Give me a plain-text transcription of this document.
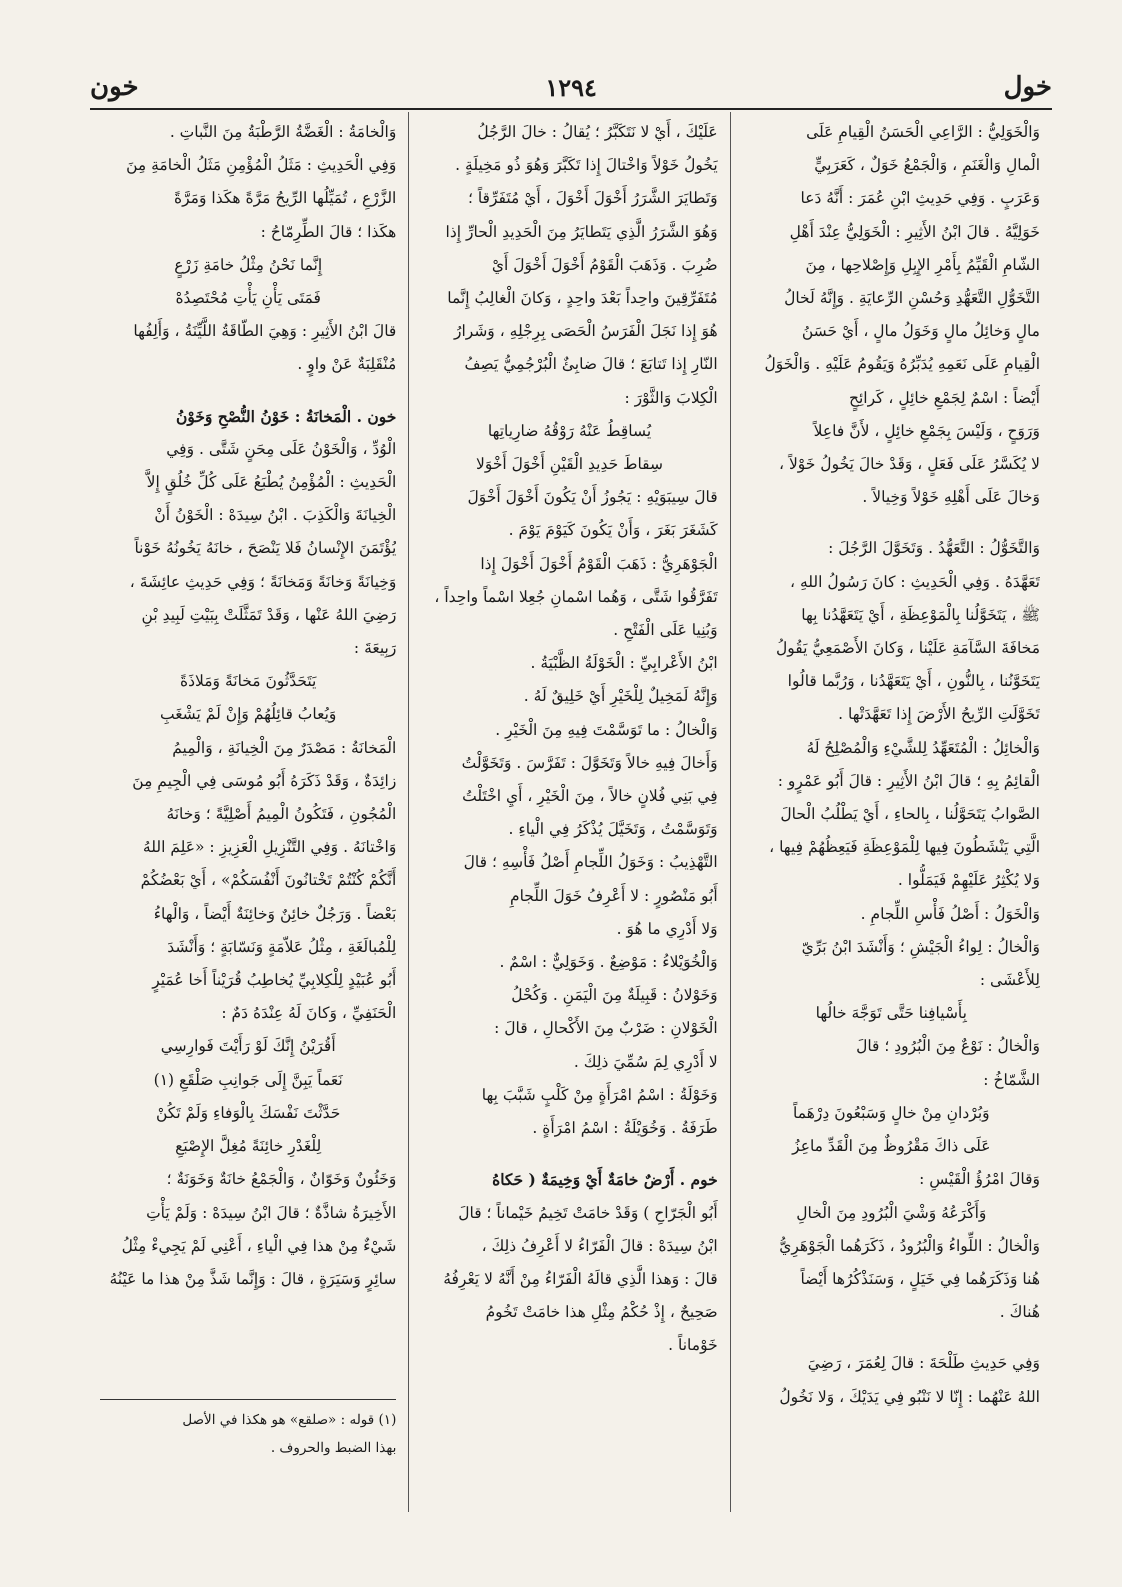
خول
١٢٩٤
خون
وَالْخَوَلِيُّ : الرَّاعِي الْحَسَنُ الْقِيامِ عَلَى
الْمالِ وَالْغَنَمِ ، وَالْجَمْعُ خَوَلٌ ، كَعَرَبِيٍّ
وَعَرَبٍ . وَفِي حَدِيثِ ابْنِ عُمَرَ : أَنَّهُ دَعا
خَوَلِيَّهُ . قالَ ابْنُ الأَثِيرِ : الْخَوَلِيُّ عِنْدَ أَهْلِ
الشّامِ الْقَيِّمُ بِأَمْرِ الإِبِلِ وَإِصْلاحِها ، مِنَ
التَّخَوُّلِ التَّعَهُّدِ وَحُسْنِ الرِّعايَةِ . وَإِنَّهُ لَخالُ
مالٍ وَخائِلُ مالٍ وَخَوَلُ مالٍ ، أَيْ حَسَنُ
الْقِيامِ عَلَى نَعَمِهِ يُدَبِّرُهُ وَيَقُومُ عَلَيْهِ . وَالْخَوَلُ
أَيْضاً : اسْمٌ لِجَمْعِ خائِلٍ ، كَرائِحٍ
وَرَوَحٍ ، وَلَيْسَ بِجَمْعِ خائِلٍ ، لأَنَّ فاعِلاً
لا يُكَسَّرُ عَلَى فَعَلٍ ، وَقَدْ خالَ يَخُولُ خَوْلاً ،
وَخالَ عَلَى أَهْلِهِ خَوْلاً وَخِيالاً .
وَالتَّخَوُّلُ : التَّعَهُّدُ . وَتَخَوَّلَ الرَّجُلَ :
تَعَهَّدَهُ . وَفِي الْحَدِيثِ : كانَ رَسُولُ اللهِ ،
ﷺ ، يَتَخَوَّلُنا بِالْمَوْعِظَةِ ، أَيْ يَتَعَهَّدُنا بِها
مَخافَةَ السَّآمَةِ عَلَيْنا ، وَكانَ الأَصْمَعِيُّ يَقُولُ
يَتَخَوَّنُنا ، بِالنُّونِ ، أَيْ يَتَعَهَّدُنا ، وَرُبَّما قالُوا
تَخَوَّلَتِ الرِّيحُ الأَرْضَ إِذا تَعَهَّدَتْها .
وَالْخائِلُ : الْمُتَعَهِّدُ لِلشَّيْءِ وَالْمُصْلِحُ لَهُ
الْقائِمُ بِهِ ؛ قالَ ابْنُ الأَثِيرِ : قالَ أَبُو عَمْرٍو :
الصَّوابُ يَتَحَوَّلُنا ، بِالحاءِ ، أَيْ يَطْلُبُ الْحالَ
الَّتِي يَنْشَطُونَ فِيها لِلْمَوْعِظَةِ فَيَعِظُهُمْ فِيها ،
وَلا يُكْثِرُ عَلَيْهِمْ فَيَمَلُّوا .
وَالْخَوَلُ : أَصْلُ فَأْسِ اللِّجامِ .
وَالْخالُ : لِواءُ الْجَيْشِ ؛ وَأَنْشَدَ ابْنُ بَرِّيّ
لِلأَعْشَى :
بِأَسْيافِنا حَتَّى تَوَجَّهَ خالُها
وَالْخالُ : نَوْعٌ مِنَ الْبُرُودِ ؛ قالَ
الشَّمّاخُ :
وَبُرْدانِ مِنْ خالٍ وَسَبْعُونَ دِرْهَماً
عَلَى ذاكَ مَقْرُوظٌ مِنَ الْقَدِّ ماعِزُ
وَقالَ امْرُؤُ الْقَيْسِ :
وَأَكْرَعُهُ وَشْيَ الْبُرُودِ مِنَ الْخالِ
وَالْخالُ : اللِّواءُ وَالْبُرُودُ ، ذَكَرَهُما الْجَوْهَرِيُّ
هُنا وَذَكَرَهُما فِي خَيَلٍ ، وَسَنَذْكُرُها أَيْضاً
هُناكَ .
وَفِي حَدِيثِ طَلْحَةَ : قالَ لِعُمَرَ ، رَضِيَ
اللهُ عَنْهُما : إِنّا لا نَنْبُو فِي يَدَيْكَ ، وَلا نَخُولُ
عَلَيْكَ ، أَيْ لا نَتَكَبَّرُ ؛ يُقالُ : خالَ الرَّجُلُ
يَخُولُ خَوْلاً وَاخْتالَ إِذا تَكَبَّرَ وَهُوَ ذُو مَخِيلَةٍ .
وَتَطايَرَ الشَّرَرُ أَخْوَلَ أَخْوَلَ ، أَيْ مُتَفَرِّقاً ؛
وَهُوَ الشَّرَرُ الَّذِي يَتَطايَرُ مِنَ الْحَدِيدِ الْحارِّ إِذا
ضُرِبَ . وَذَهَبَ الْقَوْمُ أَخْوَلَ أَخْوَلَ أَيْ
مُتَفَرِّقِينَ واحِداً بَعْدَ واحِدٍ ، وَكانَ الْغالِبُ إِنَّما
هُوَ إِذا نَجَلَ الْفَرَسُ الْحَصَى بِرِجْلِهِ ، وَشَرارُ
النّارِ إِذا تَتابَعَ ؛ قالَ ضابِئٌ الْبُرْجُمِيُّ يَصِفُ
الْكِلابَ وَالثَّوْرَ :
يُساقِطُ عَنْهُ رَوْقُهُ ضارِياتِها
سِقاطَ حَدِيدِ الْقَيْنِ أَخْوَلَ أَخْوَلا
قالَ سِيبَوَيْهِ : يَجُوزُ أَنْ يَكُونَ أَخْوَلَ أَخْوَلَ
كَشَغَرَ بَغَرَ ، وَأَنْ يَكُونَ كَيَوْمَ يَوْمَ .
الْجَوْهَرِيُّ : ذَهَبَ الْقَوْمُ أَخْوَلَ أَخْوَلَ إِذا
تَفَرَّقُوا شَتَّى ، وَهُما اسْمانِ جُعِلا اسْماً واحِداً ،
وَبُنِيا عَلَى الْفَتْحِ .
ابْنُ الأَعْرابِيِّ : الْخَوْلَةُ الظَّبْيَةُ .
وَإِنَّهُ لَمَخِيلٌ لِلْخَيْرِ أَيْ خَلِيقٌ لَهُ .
وَالْخالُ : ما تَوَسَّمْتَ فِيهِ مِنَ الْخَيْرِ .
وَأَخالَ فِيهِ خالاً وَتَخَوَّلَ : تَفَرَّسَ . وَتَخَوَّلْتُ
فِي بَنِي فُلانٍ خالاً ، مِنَ الْخَيْرِ ، أَيِ اخْتَلْتُ
وَتَوَسَّمْتُ ، وَتَخَيَّلَ يُذْكَرُ فِي الْياءِ .
التَّهْذِيبُ : وَخَوَلُ اللِّجامِ أَصْلُ فَأْسِهِ ؛ قالَ
أَبُو مَنْصُورٍ : لا أَعْرِفُ خَوَلَ اللِّجامِ
وَلا أَدْرِي ما هُوَ .
وَالْخُوَيْلاءُ : مَوْضِعٌ . وَخَوَلِيٌّ : اسْمٌ .
وَخَوْلانُ : قَبِيلَةٌ مِنَ الْيَمَنِ . وَكُحْلُ
الْخَوْلانِ : ضَرْبٌ مِنَ الأَكْحالِ ، قالَ :
لا أَدْرِي لِمَ سُمِّيَ ذلِكَ .
وَخَوْلَةُ : اسْمُ امْرَأَةٍ مِنْ كَلْبٍ شَبَّبَ بِها
طَرَفَةُ . وَخُوَيْلَةُ : اسْمُ امْرَأَةٍ .
خوم . أَرْضٌ خامَةٌ أَيْ وَخِيمَةٌ ( حَكاهُ
أَبُو الْجَرّاحِ ) وَقَدْ خامَتْ تَخِيمُ خَيْماناً ؛ قالَ
ابْنُ سِيدَهْ : قالَ الْفَرّاءُ لا أَعْرِفُ ذلِكَ ،
قالَ : وَهذا الَّذِي قالَهُ الْفَرّاءُ مِنْ أَنَّهُ لا يَعْرِفُهُ
صَحِيحٌ ، إِذْ حُكْمُ مِثْلِ هذا خامَتْ تَخُومُ
خَوْماناً .
وَالْخامَةُ : الْغَضَّةُ الرَّطْبَةُ مِنَ النَّباتِ .
وَفِي الْحَدِيثِ : مَثَلُ الْمُؤْمِنِ مَثَلُ الْخامَةِ مِنَ
الزَّرْعِ ، تُمَيِّلُها الرِّيحُ مَرَّةً هكَذا وَمَرَّةً
هكَذا ؛ قالَ الطِّرِمّاحُ :
إِنَّما نَحْنُ مِثْلُ خامَةِ زَرْعٍ
فَمَتَى يَأْنِ يَأْتِ مُحْتَصِدُهْ
قالَ ابْنُ الأَثِيرِ : وَهِيَ الطّاقَةُ اللَّيِّنَةُ ، وَأَلِفُها
مُنْقَلِبَةٌ عَنْ واوٍ .
خون . الْمَخانَةُ : خَوْنُ النُّصْحِ وَخَوْنُ
الْوُدِّ ، وَالْخَوْنُ عَلَى مِحَنٍ شَتَّى . وَفِي
الْحَدِيثِ : الْمُؤْمِنُ يُطْبَعُ عَلَى كُلِّ خُلُقٍ إِلاَّ
الْخِيانَةَ وَالْكَذِبَ . ابْنُ سِيدَهْ : الْخَوْنُ أَنْ
يُؤْتَمَنَ الإِنْسانُ فَلا يَنْصَحَ ، خانَهُ يَخُونُهُ خَوْناً
وَخِيانَةً وَخانَةً وَمَخانَةً ؛ وَفِي حَدِيثِ عائِشَةَ ،
رَضِيَ اللهُ عَنْها ، وَقَدْ تَمَثَّلَتْ بِبَيْتِ لَبِيدِ بْنِ
رَبِيعَةَ :
يَتَحَدَّثُونَ مَخانَةً وَمَلاذَةً
وَيُعابُ قائِلُهُمْ وَإِنْ لَمْ يَشْغَبِ
الْمَخانَةُ : مَصْدَرٌ مِنَ الْخِيانَةِ ، وَالْمِيمُ
زائِدَةٌ ، وَقَدْ ذَكَرَهُ أَبُو مُوسَى فِي الْجِيمِ مِنَ
الْمُجُونِ ، فَتَكُونُ الْمِيمُ أَصْلِيَّةً ؛ وَخانَهُ
وَاخْتانَهُ . وَفِي التَّنْزِيلِ الْعَزِيزِ : «عَلِمَ اللهُ
أَنَّكُمْ كُنْتُمْ تَخْتانُونَ أَنْفُسَكُمْ» ، أَيْ بَعْضُكُمْ
بَعْضاً . وَرَجُلٌ خائِنٌ وَخائِنَةٌ أَيْضاً ، وَالْهاءُ
لِلْمُبالَغَةِ ، مِثْلُ عَلاّمَةٍ وَنَسّابَةٍ ؛ وَأَنْشَدَ
أَبُو عُبَيْدٍ لِلْكِلابِيِّ يُخاطِبُ قُرَيْناً أَخا عُمَيْرٍ
الْحَنَفِيِّ ، وَكانَ لَهُ عِنْدَهُ دَمٌ :
أَقُرَيْنُ إِنَّكَ لَوْ رَأَيْتَ فَوارِسِي
نَعَماً يَبِنَّ إِلَى جَوانِبِ صَلْقَعِ (١)
حَدَّثْتَ نَفْسَكَ بِالْوَفاءِ وَلَمْ تَكُنْ
لِلْغَدْرِ خائِنَةً مُغِلَّ الإِصْبَعِ
وَخَئُونٌ وَخَوّانٌ ، وَالْجَمْعُ خانَةٌ وَخَوَنَةٌ ؛
الأَخِيرَةُ شاذَّةٌ ؛ قالَ ابْنُ سِيدَهْ : وَلَمْ يَأْتِ
شَيْءٌ مِنْ هذا فِي الْياءِ ، أَعْنِي لَمْ يَجِيءْ مِثْلُ
سائِرٍ وَسَيَرَةٍ ، قالَ : وَإِنَّما شَذَّ مِنْ هذا ما عَيْنُهُ
(١) قوله : «صلقع» هو هكذا في الأصل
بهذا الضبط والحروف .
